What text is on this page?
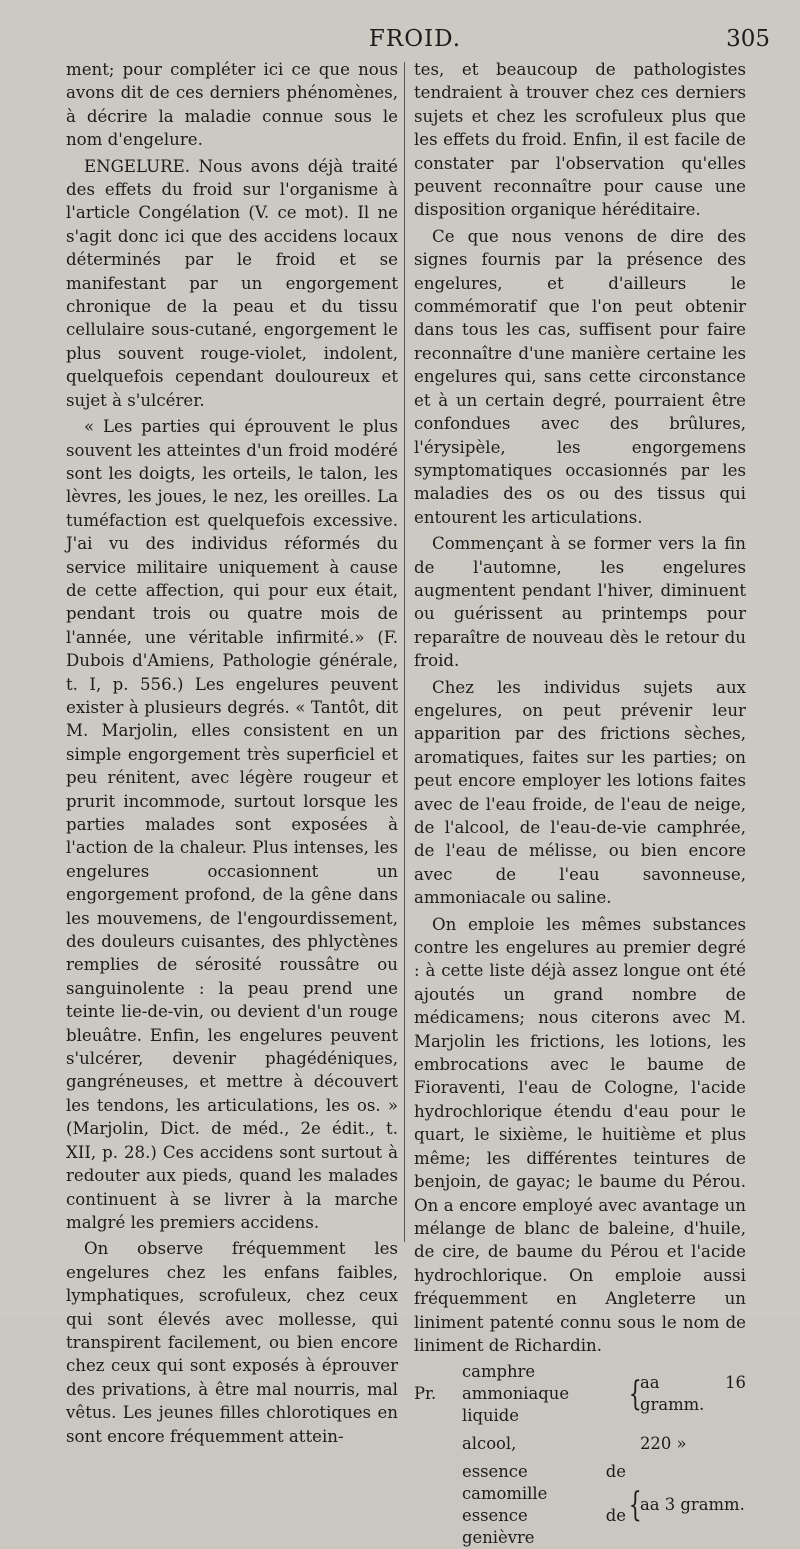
FROID.	305

ment; pour compléter ici ce que nous avons dit de ces derniers phénomènes, à décrire la maladie connue sous le nom d'engelure.

ENGELURE. Nous avons déjà traité des effets du froid sur l'organisme à l'article Congélation (V. ce mot). Il ne s'agit donc ici que des accidens locaux déterminés par le froid et se manifestant par un engorgement chronique de la peau et du tissu cellulaire sous-cutané, engorgement le plus souvent rouge-violet, indolent, quelquefois cependant douloureux et sujet à s'ulcérer.

« Les parties qui éprouvent le plus souvent les atteintes d'un froid modéré sont les doigts, les orteils, le talon, les lèvres, les joues, le nez, les oreilles. La tuméfaction est quelquefois excessive. J'ai vu des individus réformés du service militaire uniquement à cause de cette affection, qui pour eux était, pendant trois ou quatre mois de l'année, une véritable infirmité.» (F. Dubois d'Amiens, Pathologie générale, t. I, p. 556.) Les engelures peuvent exister à plusieurs degrés. « Tantôt, dit M. Marjolin, elles consistent en un simple engorgement très superficiel et peu rénitent, avec légère rougeur et prurit incommode, surtout lorsque les parties malades sont exposées à l'action de la chaleur. Plus intenses, les engelures occasionnent un engorgement profond, de la gêne dans les mouvemens, de l'engourdissement, des douleurs cuisantes, des phlyctènes remplies de sérosité roussâtre ou sanguinolente : la peau prend une teinte lie-de-vin, ou devient d'un rouge bleuâtre. Enfin, les engelures peuvent s'ulcérer, devenir phagédéniques, gangréneuses, et mettre à découvert les tendons, les articulations, les os. » (Marjolin, Dict. de méd., 2e édit., t. XII, p. 28.) Ces accidens sont surtout à redouter aux pieds, quand les malades continuent à se livrer à la marche malgré les premiers accidens.

On observe fréquemment les engelures chez les enfans faibles, lymphatiques, scrofuleux, chez ceux qui sont élevés avec mollesse, qui transpirent facilement, ou bien encore chez ceux qui sont exposés à éprouver des privations, à être mal nourris, mal vêtus. Les jeunes filles chlorotiques en sont encore fréquemment attein-

tes, et beaucoup de pathologistes tendraient à trouver chez ces derniers sujets et chez les scrofuleux plus que les effets du froid. Enfin, il est facile de constater par l'observation qu'elles peuvent reconnaître pour cause une disposition organique héréditaire.

Ce que nous venons de dire des signes fournis par la présence des engelures, et d'ailleurs le commémoratif que l'on peut obtenir dans tous les cas, suffisent pour faire reconnaître d'une manière certaine les engelures qui, sans cette circonstance et à un certain degré, pourraient être confondues avec des brûlures, l'érysipèle, les engorgemens symptomatiques occasionnés par les maladies des os ou des tissus qui entourent les articulations.

Commençant à se former vers la fin de l'automne, les engelures augmentent pendant l'hiver, diminuent ou guérissent au printemps pour reparaître de nouveau dès le retour du froid.

Chez les individus sujets aux engelures, on peut prévenir leur apparition par des frictions sèches, aromatiques, faites sur les parties; on peut encore employer les lotions faites avec de l'eau froide, de l'eau de neige, de l'alcool, de l'eau-de-vie camphrée, de l'eau de mélisse, ou bien encore avec de l'eau savonneuse, ammoniacale ou saline.

On emploie les mêmes substances contre les engelures au premier degré : à cette liste déjà assez longue ont été ajoutés un grand nombre de médicamens; nous citerons avec M. Marjolin les frictions, les lotions, les embrocations avec le baume de Fioraventi, l'eau de Cologne, l'acide hydrochlorique étendu d'eau pour le quart, le sixième, le huitième et plus même; les différentes teintures de benjoin, de gayac; le baume du Pérou. On a encore employé avec avantage un mélange de blanc de baleine, d'huile, de cire, de baume du Pérou et l'acide hydrochlorique. On emploie aussi fréquemment en Angleterre un liniment patenté connu sous le nom de liniment de Richardin.

Pr.
camphre
ammoniaque liquide
{
aa 16 gramm.
alcool,	220 »
essence de camomille
essence de genièvre
{
aa 3 gramm.
